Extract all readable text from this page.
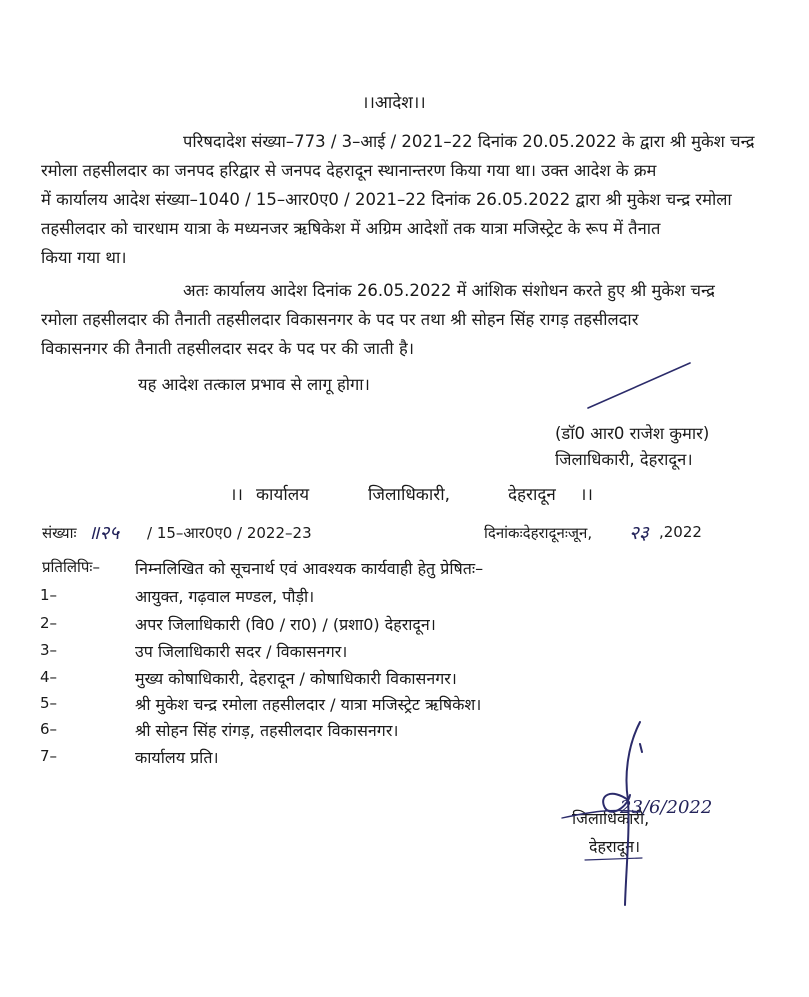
।।आदेश।।
परिषदादेश संख्या–773 / 3–आई / 2021–22 दिनांक 20.05.2022 के द्वारा श्री मुकेश चन्द्र
रमोला तहसीलदार का जनपद हरिद्वार से जनपद देहरादून स्थानान्तरण किया गया था। उक्त आदेश के क्रम
में कार्यालय आदेश संख्या–1040 / 15–आर0ए0 / 2021–22 दिनांक 26.05.2022 द्वारा श्री मुकेश चन्द्र रमोला
तहसीलदार को चारधाम यात्रा के मध्यनजर ऋषिकेश में अग्रिम आदेशों तक यात्रा मजिस्ट्रेट के रूप में तैनात
किया गया था।
अतः कार्यालय आदेश दिनांक 26.05.2022 में आंशिक संशोधन करते हुए श्री मुकेश चन्द्र
रमोला तहसीलदार की तैनाती तहसीलदार विकासनगर के पद पर तथा श्री सोहन सिंह रागड़ तहसीलदार
विकासनगर की तैनाती तहसीलदार सदर के पद पर की जाती है।
यह आदेश तत्काल प्रभाव से लागू होगा।
(डॉ0 आर0 राजेश कुमार)
जिलाधिकारी, देहरादून।
।। कार्यालय	जिलाधिकारी,	देहरादून ।।
संख्याः ॥२५ / 15–आर0ए0 / 2022–23	दिनांकःदेहरादूनःजून, २३ ,2022
प्रतिलिपिः– निम्नलिखित को सूचनार्थ एवं आवश्यक कार्यवाही हेतु प्रेषितः–
1–	आयुक्त, गढ़वाल मण्डल, पौड़ी।
2–	अपर जिलाधिकारी (वि0 / रा0) / (प्रशा0) देहरादून।
3–	उप जिलाधिकारी सदर / विकासनगर।
4–	मुख्य कोषाधिकारी, देहरादून / कोषाधिकारी विकासनगर।
5–	श्री मुकेश चन्द्र रमोला तहसीलदार / यात्रा मजिस्ट्रेट ऋषिकेश।
6–	श्री सोहन सिंह रांगड़, तहसीलदार विकासनगर।
7–	कार्यालय प्रति।
जिलाधिकारी,
देहरादून।
23/6/2022
